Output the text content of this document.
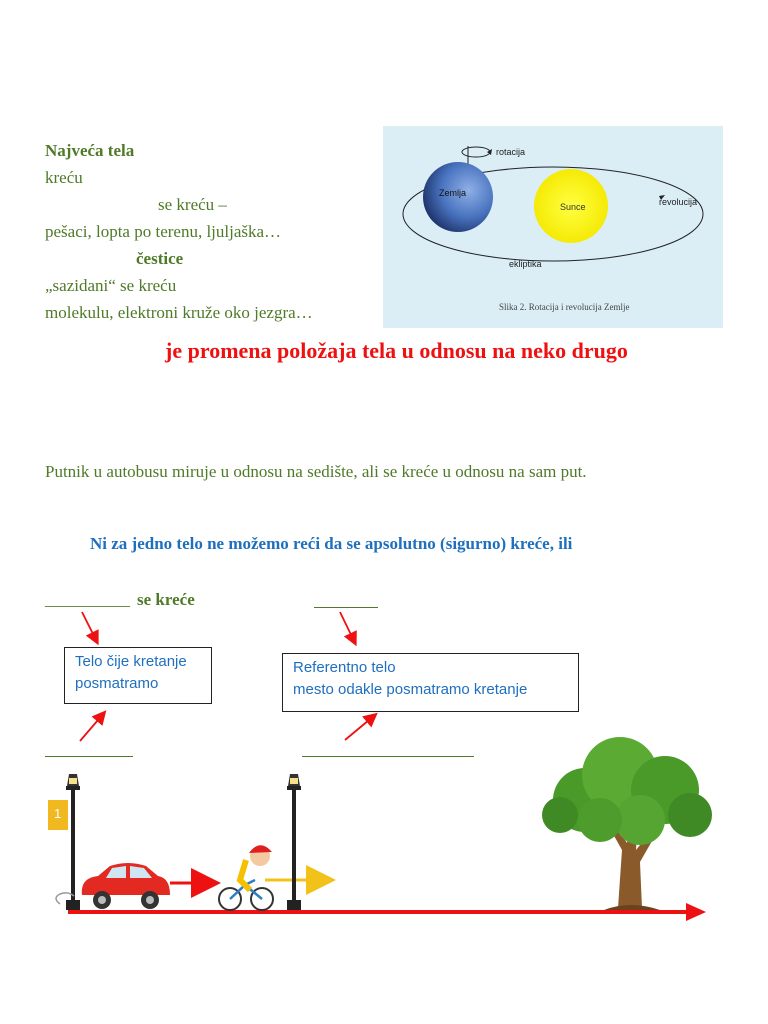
Najveća tela
kreću
se kreću –
pešaci, lopta po terenu, ljuljaška…
čestice
„sazidani“ se kreću
molekulu, elektroni kruže oko jezgra…
rotacija
Zemlja
Sunce	revolucija
ekliptika
Slika 2. Rotacija i revolucija Zemlje
je promena položaja tela u odnosu na neko drugo
Putnik u autobusu miruje u odnosu na sedište, ali se kreće u odnosu na sam put.
Ni za jedno telo ne možemo reći da se apsolutno (sigurno) kreće, ili
__________ se kreće
Telo čije kretanje
posmatramo
Referentno telo
mesto odakle posmatramo kretanje
1
